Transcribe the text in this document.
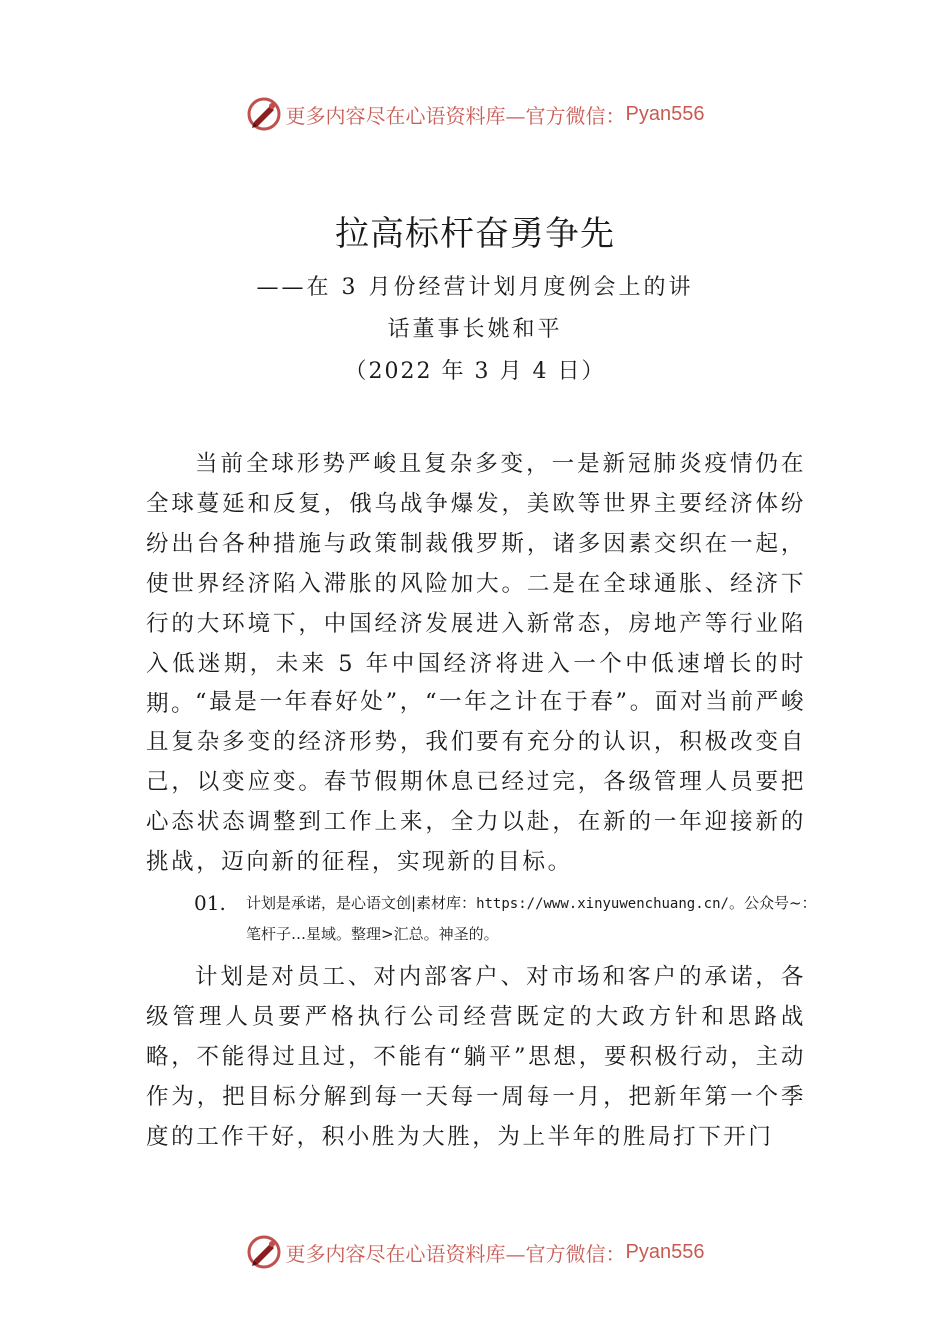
更多内容尽在心语资料库—官方微信： Pyan556
拉高标杆奋勇争先
——在 3 月份经营计划月度例会上的讲
话董事长姚和平
（2022 年 3 月 4 日）

当前全球形势严峻且复杂多变，一是新冠肺炎疫情仍在全球蔓延和反复，俄乌战争爆发，美欧等世界主要经济体纷纷出台各种措施与政策制裁俄罗斯，诸多因素交织在一起，使世界经济陷入滞胀的风险加大。二是在全球通胀、经济下行的大环境下，中国经济发展进入新常态，房地产等行业陷入低迷期，未来 5 年中国经济将进入一个中低速增长的时期。

“最是一年春好处”，“一年之计在于春”。面对当前严峻且复杂多变的经济形势，我们要有充分的认识，积极改变自己，以变应变。春节假期休息已经过完，各级管理人员要把心态状态调整到工作上来，全力以赴，在新的一年迎接新的挑战，迈向新的征程，实现新的目标。

01.	计划是承诺，是心语文创|素材库：https://www.xinyuwenchuang.cn/。公众号~：笔杆子…星域。整理>汇总。神圣的。

计划是对员工、对内部客户、对市场和客户的承诺，各级管理人员要严格执行公司经营既定的大政方针和思路战略，不能得过且过，不能有“躺平”思想，要积极行动，主动作为，把目标分解到每一天每一周每一月，把新年第一个季度的工作干好，积小胜为大胜，为上半年的胜局打下开门

更多内容尽在心语资料库—官方微信： Pyan556
